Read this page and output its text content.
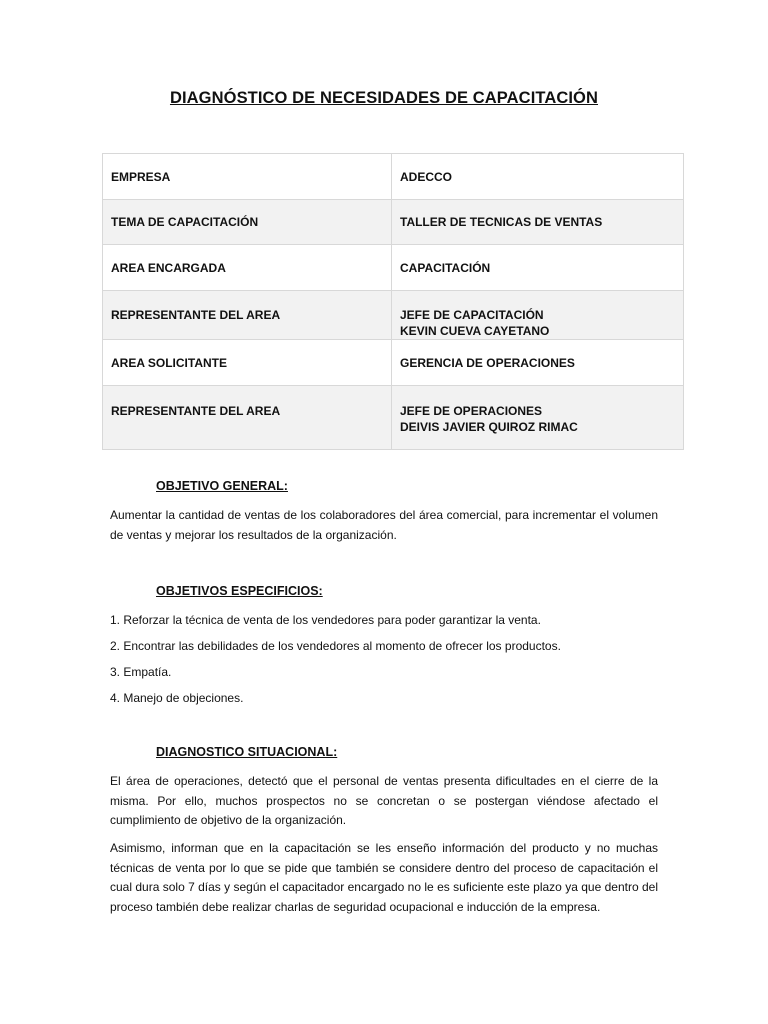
DIAGNÓSTICO DE NECESIDADES DE CAPACITACIÓN
EMPRESA	ADECCO
TEMA DE CAPACITACIÓN	TALLER DE TECNICAS DE VENTAS
AREA ENCARGADA	CAPACITACIÓN
REPRESENTANTE DEL AREA	JEFE DE CAPACITACIÓN
KEVIN CUEVA CAYETANO

AREA SOLICITANTE	GERENCIA DE OPERACIONES
REPRESENTANTE DEL AREA	JEFE DE OPERACIONES
DEIVIS JAVIER QUIROZ RIMAC
OBJETIVO GENERAL:
Aumentar la cantidad de ventas de los colaboradores del área comercial, para incrementar el volumen de ventas y mejorar los resultados de la organización.
OBJETIVOS ESPECIFICIOS:
1. Reforzar la técnica de venta de los vendedores para poder garantizar la venta.
2. Encontrar las debilidades de los vendedores al momento de ofrecer los productos.
3. Empatía.
4. Manejo de objeciones.
DIAGNOSTICO SITUACIONAL:
El área de operaciones, detectó que el personal de ventas presenta dificultades en el cierre de la misma. Por ello, muchos prospectos no se concretan o se postergan viéndose afectado el cumplimiento de objetivo de la organización.
Asimismo, informan que en la capacitación se les enseño información del producto y no muchas técnicas de venta por lo que se pide que también se considere dentro del proceso de capacitación el cual dura solo 7 días y según el capacitador encargado no le es suficiente este plazo ya que dentro del proceso también debe realizar charlas de seguridad ocupacional e inducción de la empresa.
